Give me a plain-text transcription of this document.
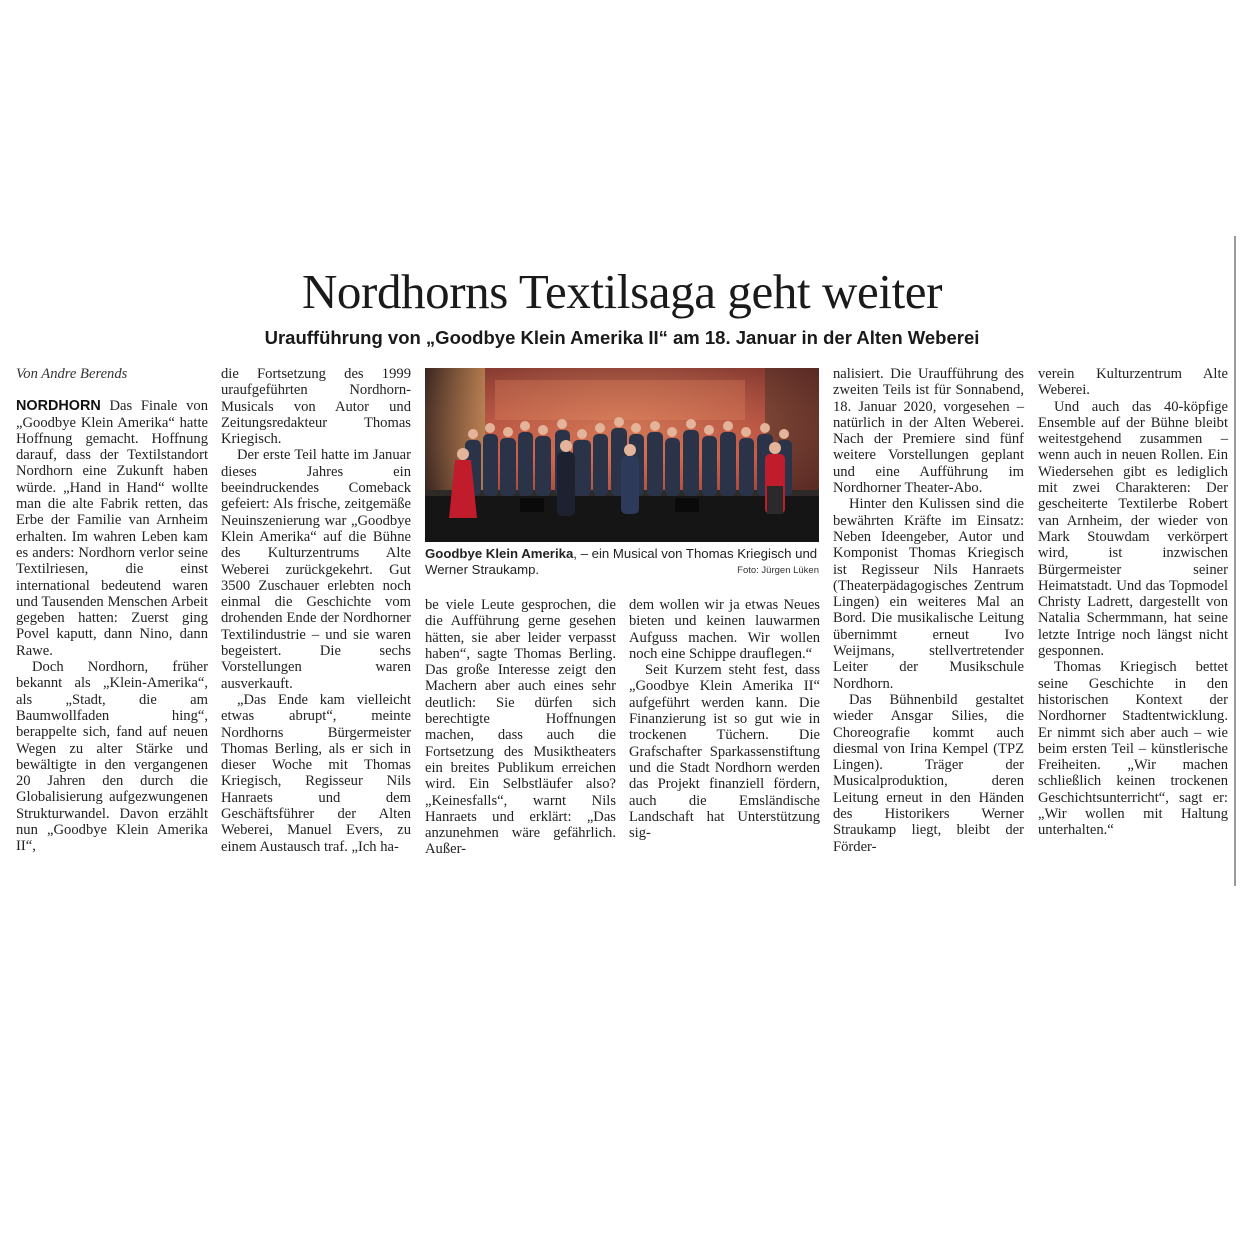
Nordhorns Textilsaga geht weiter
Uraufführung von „Goodbye Klein Amerika II“ am 18. Januar in der Alten Weberei

Von Andre Berends

NORDHORN Das Finale von „Goodbye Klein Amerika“ hatte Hoffnung gemacht. Hoffnung darauf, dass der Textilstandort Nordhorn eine Zukunft haben würde. „Hand in Hand“ wollte man die alte Fabrik retten, das Erbe der Familie van Arnheim erhalten. Im wahren Leben kam es anders: Nordhorn verlor seine Textilriesen, die einst international bedeutend waren und Tausenden Menschen Arbeit gegeben hatten: Zuerst ging Povel kaputt, dann Nino, dann Rawe.

Doch Nordhorn, früher bekannt als „Klein-Amerika“, als „Stadt, die am Baumwollfaden hing“, berappelte sich, fand auf neuen Wegen zu alter Stärke und bewältigte in den vergangenen 20 Jahren den durch die Globalisierung aufgezwungenen Strukturwandel. Davon erzählt nun „Goodbye Klein Amerika II“,

die Fortsetzung des 1999 uraufgeführten Nordhorn-Musicals von Autor und Zeitungsredakteur Thomas Kriegisch.

Der erste Teil hatte im Januar dieses Jahres ein beeindruckendes Comeback gefeiert: Als frische, zeitgemäße Neuinszenierung war „Goodbye Klein Amerika“ auf die Bühne des Kulturzentrums Alte Weberei zurückgekehrt. Gut 3500 Zuschauer erlebten noch einmal die Geschichte vom drohenden Ende der Nordhorner Textilindustrie – und sie waren begeistert. Die sechs Vorstellungen waren ausverkauft.

„Das Ende kam vielleicht etwas abrupt“, meinte Nordhorns Bürgermeister Thomas Berling, als er sich in dieser Woche mit Thomas Kriegisch, Regisseur Nils Hanraets und dem Geschäftsführer der Alten Weberei, Manuel Evers, zu einem Austausch traf. „Ich ha-

Goodbye Klein Amerika, – ein Musical von Thomas Kriegisch und Werner Straukamp.	Foto: Jürgen Lüken

be viele Leute gesprochen, die die Aufführung gerne gesehen hätten, sie aber leider verpasst haben“, sagte Thomas Berling. Das große Interesse zeigt den Machern aber auch eines sehr deutlich: Sie dürfen sich berechtigte Hoffnungen machen, dass auch die Fortsetzung des Musiktheaters ein breites Publikum erreichen wird. Ein Selbstläufer also? „Keinesfalls“, warnt Nils Hanraets und erklärt: „Das anzunehmen wäre gefährlich. Außer-

dem wollen wir ja etwas Neues bieten und keinen lauwarmen Aufguss machen. Wir wollen noch eine Schippe drauflegen.“

Seit Kurzem steht fest, dass „Goodbye Klein Amerika II“ aufgeführt werden kann. Die Finanzierung ist so gut wie in trockenen Tüchern. Die Grafschafter Sparkassenstiftung und die Stadt Nordhorn werden das Projekt finanziell fördern, auch die Emsländische Landschaft hat Unterstützung sig-

nalisiert. Die Uraufführung des zweiten Teils ist für Sonnabend, 18. Januar 2020, vorgesehen – natürlich in der Alten Weberei. Nach der Premiere sind fünf weitere Vorstellungen geplant und eine Aufführung im Nordhorner Theater-Abo.

Hinter den Kulissen sind die bewährten Kräfte im Einsatz: Neben Ideengeber, Autor und Komponist Thomas Kriegisch ist Regisseur Nils Hanraets (Theaterpädagogisches Zentrum Lingen) ein weiteres Mal an Bord. Die musikalische Leitung übernimmt erneut Ivo Weijmans, stellvertretender Leiter der Musikschule Nordhorn.

Das Bühnenbild gestaltet wieder Ansgar Silies, die Choreografie kommt auch diesmal von Irina Kempel (TPZ Lingen). Träger der Musicalproduktion, deren Leitung erneut in den Händen des Historikers Werner Straukamp liegt, bleibt der Förder-

verein Kulturzentrum Alte Weberei.

Und auch das 40-köpfige Ensemble auf der Bühne bleibt weitestgehend zusammen – wenn auch in neuen Rollen. Ein Wiedersehen gibt es lediglich mit zwei Charakteren: Der gescheiterte Textilerbe Robert van Arnheim, der wieder von Mark Stouwdam verkörpert wird, ist inzwischen Bürgermeister seiner Heimatstadt. Und das Topmodel Christy Ladrett, dargestellt von Natalia Schermmann, hat seine letzte Intrige noch längst nicht gesponnen.

Thomas Kriegisch bettet seine Geschichte in den historischen Kontext der Nordhorner Stadtentwicklung. Er nimmt sich aber auch – wie beim ersten Teil – künstlerische Freiheiten. „Wir machen schließlich keinen trockenen Geschichtsunterricht“, sagt er: „Wir wollen mit Haltung unterhalten.“
